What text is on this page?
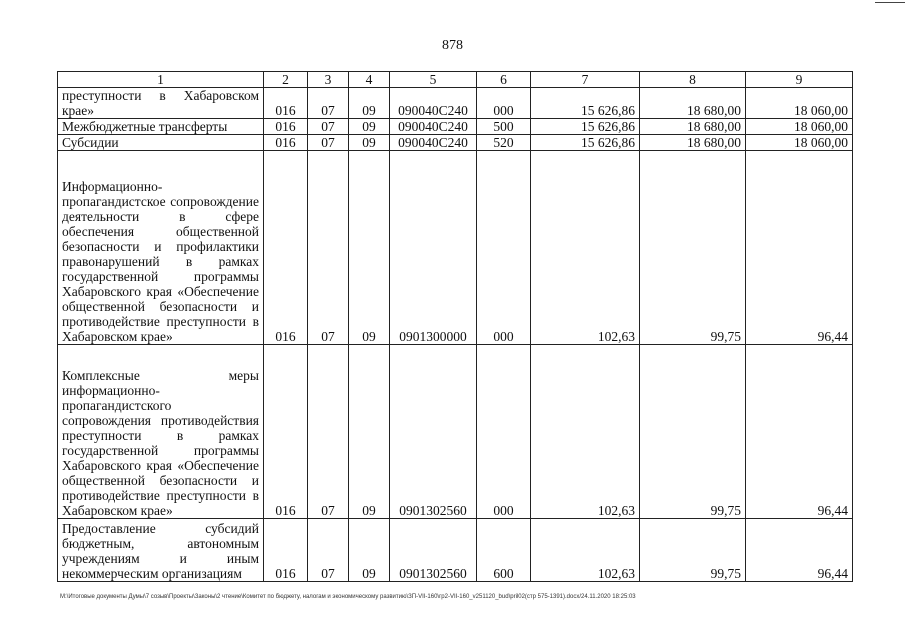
878
1	2	3	4	5	6	7	8	9
преступности в Хабаровском крае»	016	07	09	090040С240	000	15 626,86	18 680,00	18 060,00
Межбюджетные трансферты	016	07	09	090040С240	500	15 626,86	18 680,00	18 060,00
Субсидии	016	07	09	090040С240	520	15 626,86	18 680,00	18 060,00
Информационно-пропагандистское сопровождение деятельности в сфере обеспечения общественной безопасности и профилактики правонарушений в рамках государственной программы Хабаровского края «Обеспечение общественной безопасности и противодействие преступности в Хабаровском крае»	016	07	09	0901300000	000	102,63	99,75	96,44
Комплексные меры информационно-пропагандистского сопровождения противодействия преступности в рамках государственной программы Хабаровского края «Обеспечение общественной безопасности и противодействие преступности в Хабаровском крае»	016	07	09	0901302560	000	102,63	99,75	96,44
Предоставление субсидий бюджетным, автономным учреждениям и иным некоммерческим организациям	016	07	09	0901302560	600	102,63	99,75	96,44
M:\Итоговые документы Думы\7 созыв\Проекты\Законы\2 чтение\Комитет по бюджету, налогам и экономическому развитию\ЗП-VII-160\гр2-VII-160_v251120_bud\pril02(стр 575-1391).docx/24.11.2020 18:25:03
